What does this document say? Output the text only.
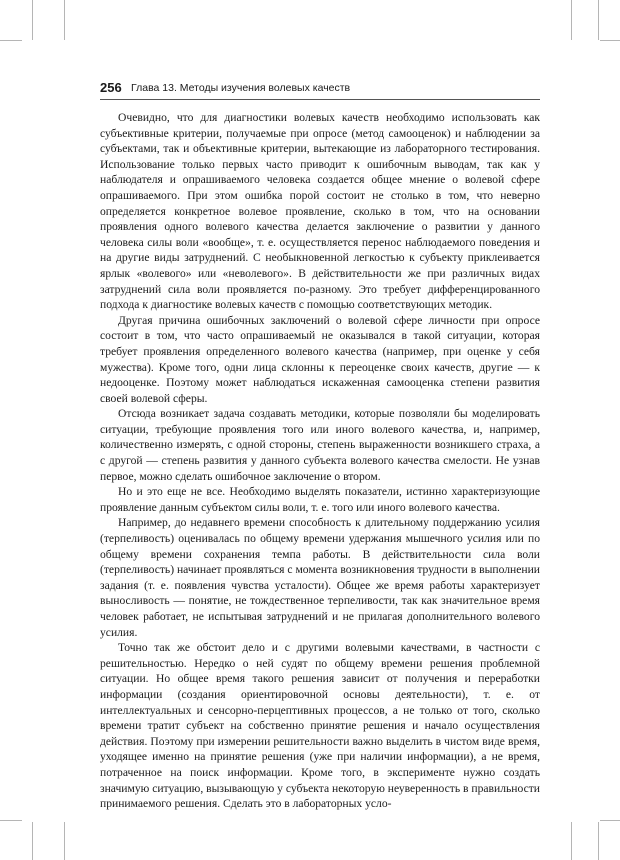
256 Глава 13. Методы изучения волевых качеств

Очевидно, что для диагностики волевых качеств необходимо использовать как субъективные критерии, получаемые при опросе (метод самооценок) и наблюдении за субъектами, так и объективные критерии, вытекающие из лабораторного тестирования. Использование только первых часто приводит к ошибочным выводам, так как у наблюдателя и опрашиваемого человека создается общее мнение о волевой сфере опрашиваемого. При этом ошибка порой состоит не столько в том, что неверно определяется конкретное волевое проявление, сколько в том, что на основании проявления одного волевого качества делается заключение о развитии у данного человека силы воли «вообще», т. е. осуществляется перенос наблюдаемого поведения и на другие виды затруднений. С необыкновенной легкостью к субъекту приклеивается ярлык «волевого» или «неволевого». В действительности же при различных видах затруднений сила воли проявляется по-разному. Это требует дифференцированного подхода к диагностике волевых качеств с помощью соответствующих методик.

Другая причина ошибочных заключений о волевой сфере личности при опросе состоит в том, что часто опрашиваемый не оказывался в такой ситуации, которая требует проявления определенного волевого качества (например, при оценке у себя мужества). Кроме того, одни лица склонны к переоценке своих качеств, другие — к недооценке. Поэтому может наблюдаться искаженная самооценка степени развития своей волевой сферы.

Отсюда возникает задача создавать методики, которые позволяли бы моделировать ситуации, требующие проявления того или иного волевого качества, и, например, количественно измерять, с одной стороны, степень выраженности возникшего страха, а с другой — степень развития у данного субъекта волевого качества смелости. Не узнав первое, можно сделать ошибочное заключение о втором.

Но и это еще не все. Необходимо выделять показатели, истинно характеризующие проявление данным субъектом силы воли, т. е. того или иного волевого качества.

Например, до недавнего времени способность к длительному поддержанию усилия (терпеливость) оценивалась по общему времени удержания мышечного усилия или по общему времени сохранения темпа работы. В действительности сила воли (терпеливость) начинает проявляться с момента возникновения трудности в выполнении задания (т. е. появления чувства усталости). Общее же время работы характеризует выносливость — понятие, не тождественное терпеливости, так как значительное время человек работает, не испытывая затруднений и не прилагая дополнительного волевого усилия.

Точно так же обстоит дело и с другими волевыми качествами, в частности с решительностью. Нередко о ней судят по общему времени решения проблемной ситуации. Но общее время такого решения зависит от получения и переработки информации (создания ориентировочной основы деятельности), т. е. от интеллектуальных и сенсорно-перцептивных процессов, а не только от того, сколько времени тратит субъект на собственно принятие решения и начало осуществления действия. Поэтому при измерении решительности важно выделить в чистом виде время, уходящее именно на принятие решения (уже при наличии информации), а не время, потраченное на поиск информации. Кроме того, в эксперименте нужно создать значимую ситуацию, вызывающую у субъекта некоторую неуверенность в правильности принимаемого решения. Сделать это в лабораторных усло-
